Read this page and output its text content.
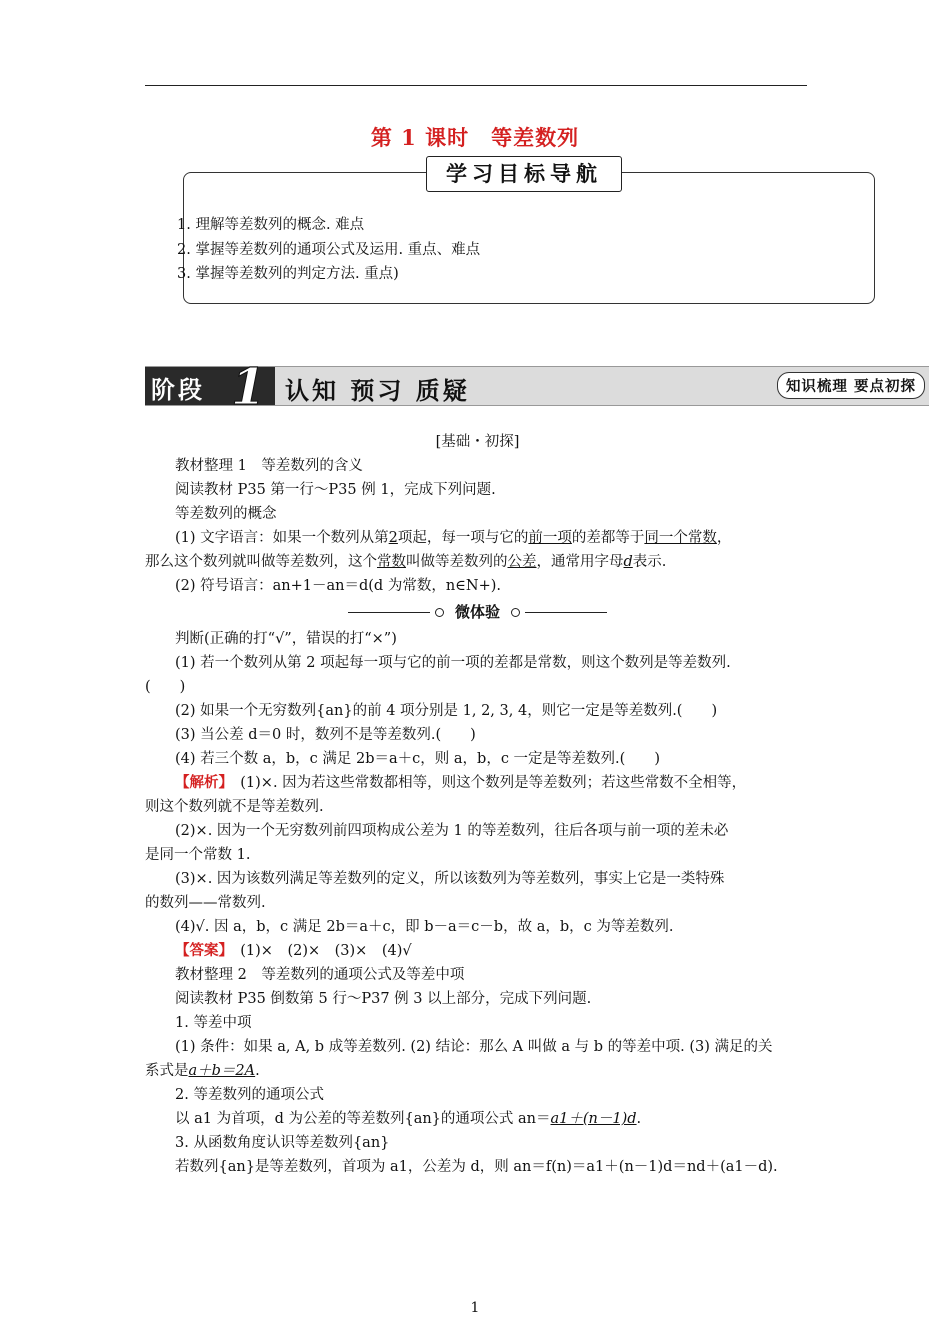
第 1 课时　等差数列
学习目标导航
1. 理解等差数列的概念. 难点
2. 掌握等差数列的通项公式及运用. 重点、难点
3. 掌握等差数列的判定方法. 重点)
阶段 1 认知 预习 质疑	知识梳理 要点初探

[基础・初探]

教材整理 1　等差数列的含义

阅读教材 P35 第一行～P35 例 1，完成下列问题.

等差数列的概念

(1) 文字语言：如果一个数列从第2项起，每一项与它的前一项的差都等于同一个常数，

那么这个数列就叫做等差数列，这个常数叫做等差数列的公差，通常用字母d表示.

(2) 符号语言：an+1－an＝d(d 为常数，n∈N+).

微体验

判断(正确的打“√”，错误的打“×”)

(1) 若一个数列从第 2 项起每一项与它的前一项的差都是常数，则这个数列是等差数列.

(　　)

(2) 如果一个无穷数列{an}的前 4 项分别是 1, 2, 3, 4，则它一定是等差数列.(　　)

(3) 当公差 d＝0 时，数列不是等差数列.(　　)

(4) 若三个数 a，b，c 满足 2b＝a＋c，则 a，b，c 一定是等差数列.(　　)

【解析】　 (1)×. 因为若这些常数都相等，则这个数列是等差数列；若这些常数不全相等，

则这个数列就不是等差数列.

(2)×. 因为一个无穷数列前四项构成公差为 1 的等差数列，往后各项与前一项的差未必

是同一个常数 1.

(3)×. 因为该数列满足等差数列的定义，所以该数列为等差数列，事实上它是一类特殊

的数列——常数列.

(4)√. 因 a，b，c 满足 2b＝a＋c，即 b－a＝c－b，故 a，b，c 为等差数列.

【答案】　 (1)×　(2)×　(3)×　(4)√

教材整理 2　等差数列的通项公式及等差中项

阅读教材 P35 倒数第 5 行～P37 例 3 以上部分，完成下列问题.

1. 等差中项

(1) 条件：如果 a, A, b 成等差数列. (2) 结论：那么 A 叫做 a 与 b 的等差中项. (3) 满足的关

系式是a＋b＝2A.

2. 等差数列的通项公式

以 a1 为首项，d 为公差的等差数列{an}的通项公式 an＝a1＋(n－1)d.

3. 从函数角度认识等差数列{an}

若数列{an}是等差数列，首项为 a1，公差为 d，则 an＝f(n)＝a1＋(n－1)d＝nd＋(a1－d).

1
